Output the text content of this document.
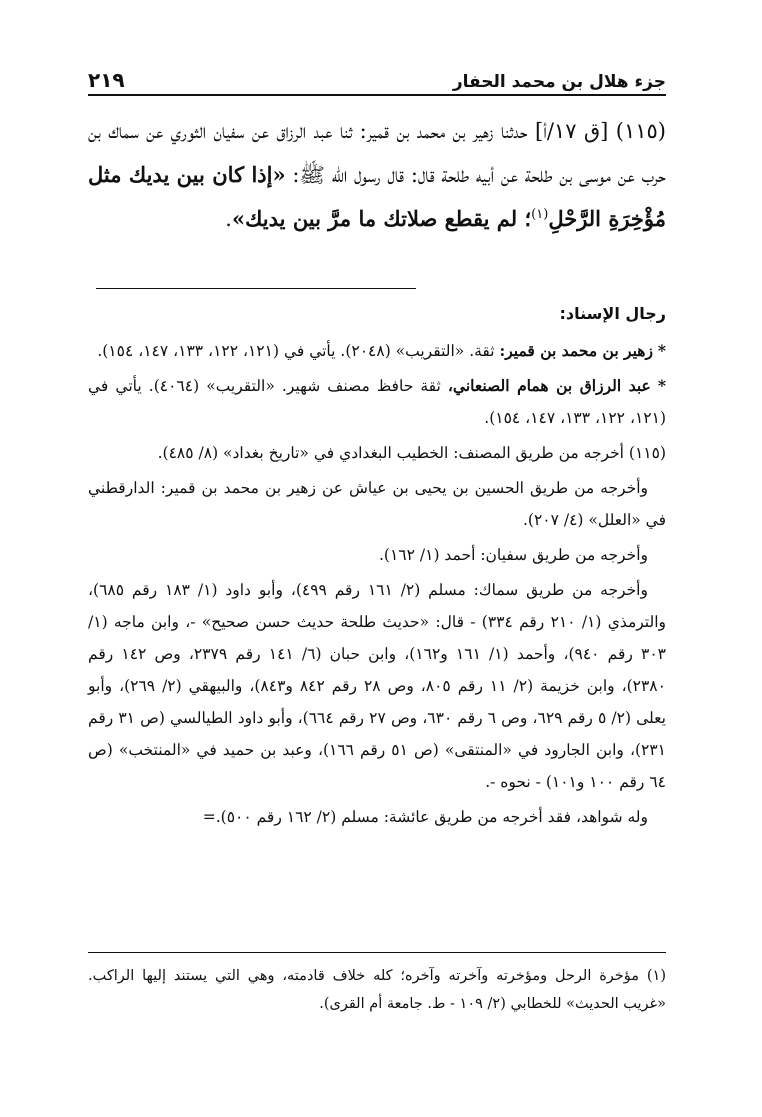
جزء هلال بن محمد الحفار
٢١٩
(١١٥) [ق ١٧/أ] حدثنا زهير بن محمد بن قمير: ثنا عبد الرزاق عن سفيان الثوري عن سماك بن حرب عن موسى بن طلحة عن أبيه طلحة قال: قال رسول الله ﷺ: «إذا كان بين يديك مثل مُؤْخِرَةِ الرَّحْلِ$^{(١)}$؛ لم يقطع صلاتك ما مرَّ بين يديك».

رجال الإسناد:

* زهير بن محمد بن قمير: ثقة. «التقريب» (٢٠٤٨). يأتي في (١٢١، ١٢٢، ١٣٣، ١٤٧، ١٥٤).

* عبد الرزاق بن همام الصنعاني، ثقة حافظ مصنف شهير. «التقريب» (٤٠٦٤). يأتي في (١٢١، ١٢٢، ١٣٣، ١٤٧، ١٥٤).

(١١٥) أخرجه من طريق المصنف: الخطيب البغدادي في «تاريخ بغداد» (٨/ ٤٨٥).

وأخرجه من طريق الحسين بن يحيى بن عياش عن زهير بن محمد بن قمير: الدارقطني في «العلل» (٤/ ٢٠٧).

وأخرجه من طريق سفيان: أحمد (١/ ١٦٢).

وأخرجه من طريق سماك: مسلم (٢/ ١٦١ رقم ٤٩٩)، وأبو داود (١/ ١٨٣ رقم ٦٨٥)، والترمذي (١/ ٢١٠ رقم ٣٣٤) - قال: «حديث طلحة حديث حسن صحيح» -، وابن ماجه (١/ ٣٠٣ رقم ٩٤٠)، وأحمد (١/ ١٦١ و١٦٢)، وابن حبان (٦/ ١٤١ رقم ٢٣٧٩، وص ١٤٢ رقم ٢٣٨٠)، وابن خزيمة (٢/ ١١ رقم ٨٠٥، وص ٢٨ رقم ٨٤٢ و٨٤٣)، والبيهقي (٢/ ٢٦٩)، وأبو يعلى (٢/ ٥ رقم ٦٢٩، وص ٦ رقم ٦٣٠، وص ٢٧ رقم ٦٦٤)، وأبو داود الطيالسي (ص ٣١ رقم ٢٣١)، وابن الجارود في «المنتقى» (ص ٥١ رقم ١٦٦)، وعبد بن حميد في «المنتخب» (ص ٦٤ رقم ١٠٠ و١٠١) - نحوه -.

وله شواهد، فقد أخرجه من طريق عائشة: مسلم (٢/ ١٦٢ رقم ٥٠٠).=

(١) مؤخرة الرحل ومؤخرته وآخرته وآخره؛ كله خلاف قادمته، وهي التي يستند إليها الراكب. «غريب الحديث» للخطابي (٢/ ١٠٩ - ط. جامعة أم القرى).
